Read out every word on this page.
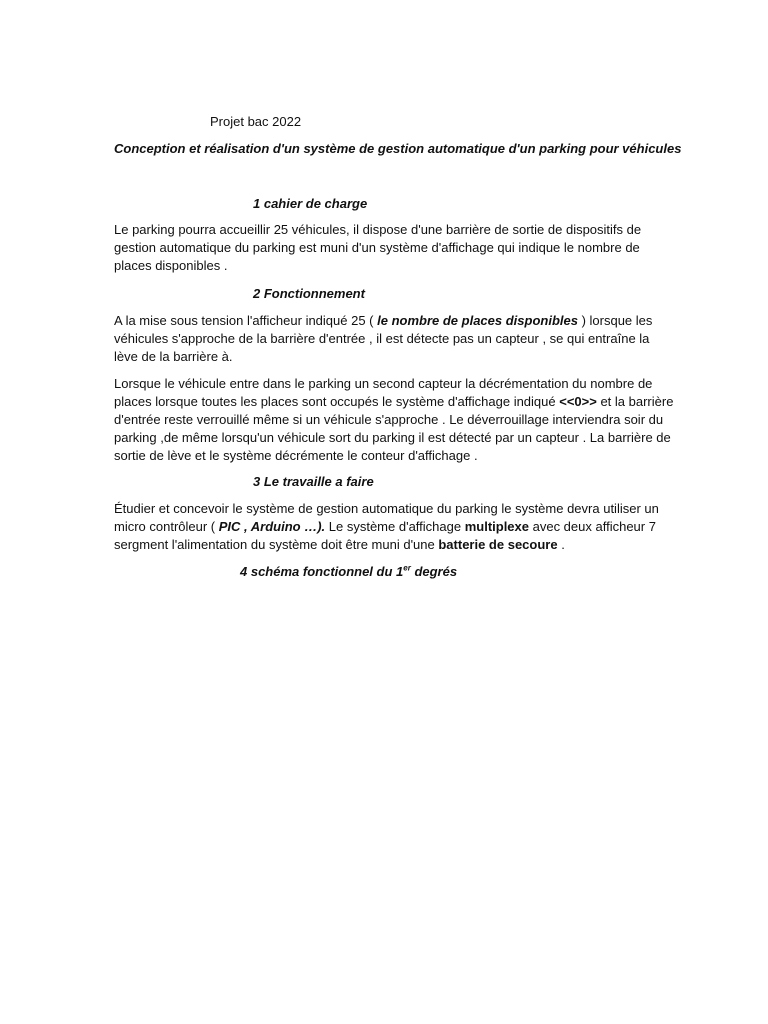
Projet bac 2022
Conception et réalisation d'un système de gestion automatique d'un parking pour véhicules
1 cahier de charge

Le parking pourra accueillir 25 véhicules, il dispose d'une barrière de sortie de dispositifs de gestion automatique du parking est muni d'un système d'affichage qui indique le nombre de places disponibles .

2 Fonctionnement

A la mise sous tension l'afficheur indiqué 25 ( le nombre de places disponibles ) lorsque les véhicules s'approche de la barrière d'entrée , il est détecte pas un capteur , se qui entraîne la lève de la barrière à.

Lorsque le véhicule entre dans le parking un second capteur la décrémentation du nombre de places lorsque toutes les places sont occupés le système d'affichage indiqué <<0>> et la barrière d'entrée reste verrouillé même si un véhicule s'approche . Le déverrouillage interviendra soir du parking ,de même lorsqu'un véhicule sort du parking il est détecté par un capteur . La barrière de sortie de lève et le système décrémente le conteur d'affichage .

3 Le travaille a faire

Étudier et concevoir le système de gestion automatique du parking le système devra utiliser un micro contrôleur ( PIC , Arduino …). Le système d'affichage multiplexe avec deux afficheur 7 sergment l'alimentation du système doit être muni d'une batterie de secoure .

4 schéma fonctionnel du 1er degrés
